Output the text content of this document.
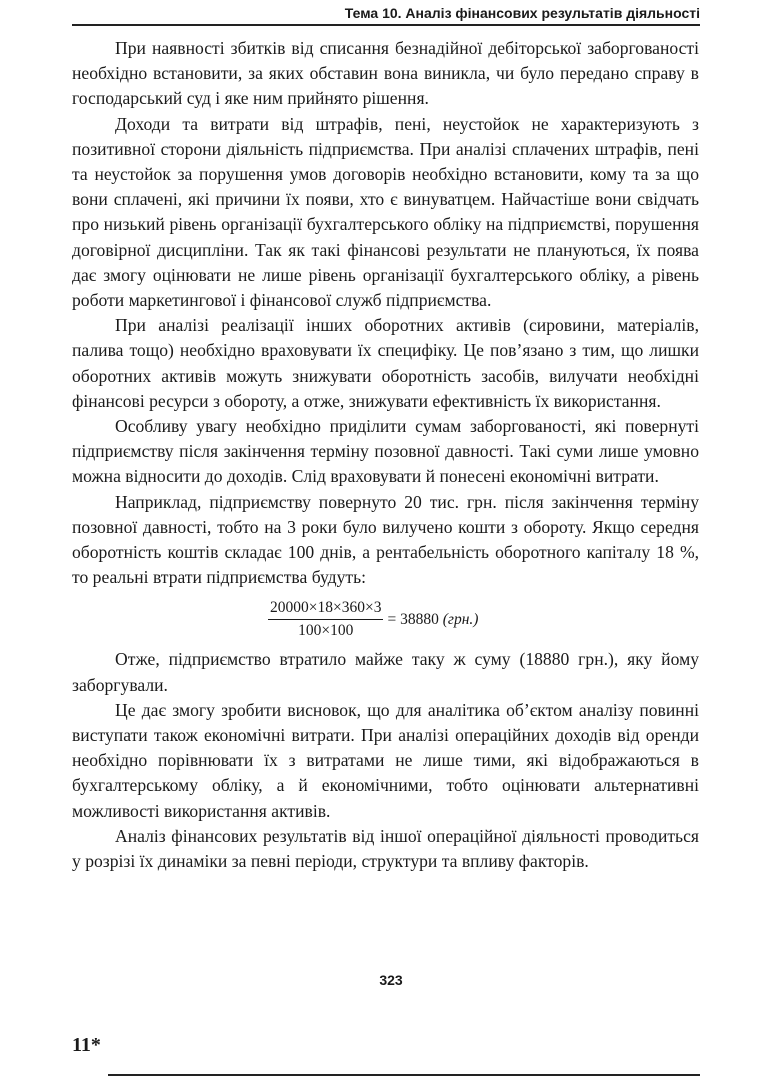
Тема 10. Аналіз фінансових результатів діяльності

При наявності збитків від списання безнадійної дебіторської заборгованості необхідно встановити, за яких обставин вона виникла, чи було передано справу в господарський суд і яке ним прийнято рішення.

Доходи та витрати від штрафів, пені, неустойок не характеризують з позитивної сторони діяльність підприємства. При аналізі сплачених штрафів, пені та неустойок за порушення умов договорів необхідно встановити, кому та за що вони сплачені, які причини їх появи, хто є винуватцем. Найчастіше вони свідчать про низький рівень організації бухгалтерського обліку на підприємстві, порушення договірної дисципліни. Так як такі фінансові результати не плануються, їх поява дає змогу оцінювати не лише рівень організації бухгалтерського обліку, а рівень роботи маркетингової і фінансової служб підприємства.

При аналізі реалізації інших оборотних активів (сировини, матеріалів, палива тощо) необхідно враховувати їх специфіку. Це пов’язано з тим, що лишки оборотних активів можуть знижувати оборотність засобів, вилучати необхідні фінансові ресурси з обороту, а отже, знижувати ефективність їх використання.

Особливу увагу необхідно приділити сумам заборгованості, які повернуті підприємству після закінчення терміну позовної давності. Такі суми лише умовно можна відносити до доходів. Слід враховувати й понесені економічні витрати.

Наприклад, підприємству повернуто 20 тис. грн. після закінчення терміну позовної давності, тобто на 3 роки було вилучено кошти з обороту. Якщо середня оборотність коштів складає 100 днів, а рентабельність оборотного капіталу 18 %, то реальні втрати підприємства будуть:

$\frac{20000\times 18\times 360\times 3}{100\times 100} = 38880$ (грн.)

Отже, підприємство втратило майже таку ж суму (18880 грн.), яку йому заборгували.

Це дає змогу зробити висновок, що для аналітика об’єктом аналізу повинні виступати також економічні витрати. При аналізі операційних доходів від оренди необхідно порівнювати їх з витратами не лише тими, які відображаються в бухгалтерському обліку, а й економічними, тобто оцінювати альтернативні можливості використання активів.

Аналіз фінансових результатів від іншої операційної діяльності проводиться у розрізі їх динаміки за певні періоди, структури та впливу факторів.

323
11*
